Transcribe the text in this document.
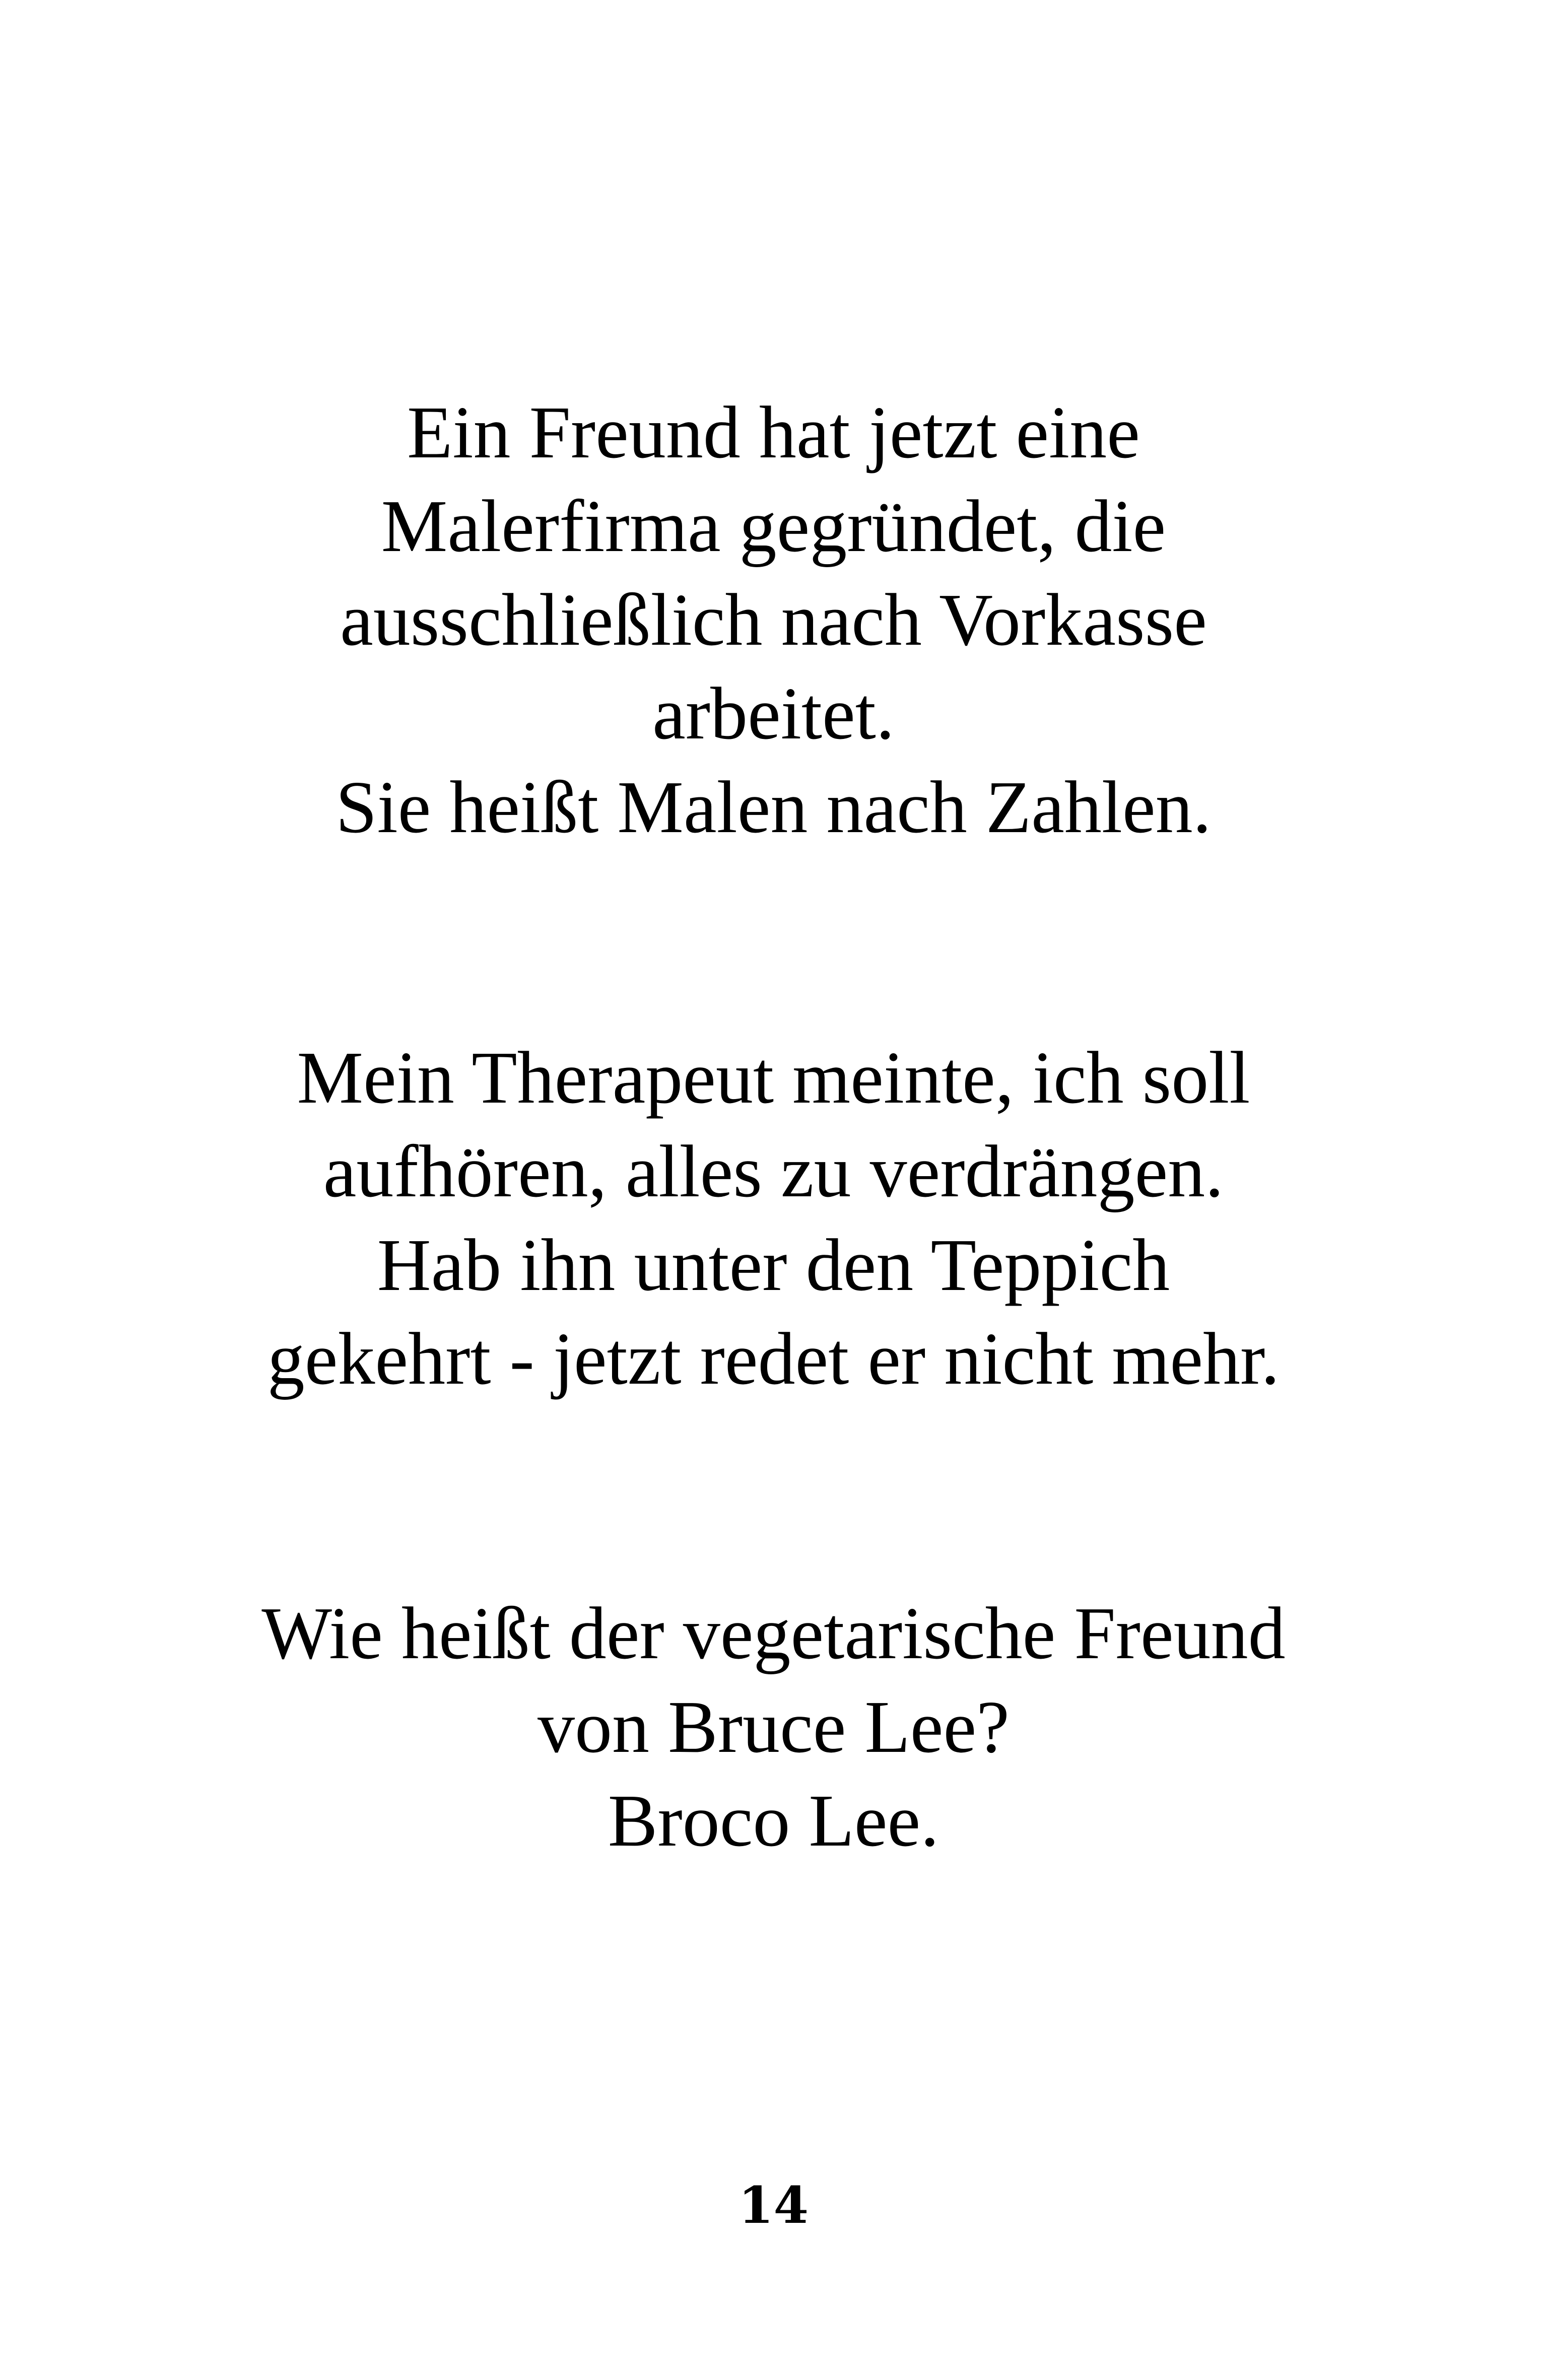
Ein Freund hat jetzt eine
Malerfirma gegründet, die
ausschließlich nach Vorkasse
arbeitet.
Sie heißt Malen nach Zahlen.

Mein Therapeut meinte, ich soll
aufhören, alles zu verdrängen.
Hab ihn unter den Teppich
gekehrt - jetzt redet er nicht mehr.

Wie heißt der vegetarische Freund
von Bruce Lee?
Broco Lee.

14
